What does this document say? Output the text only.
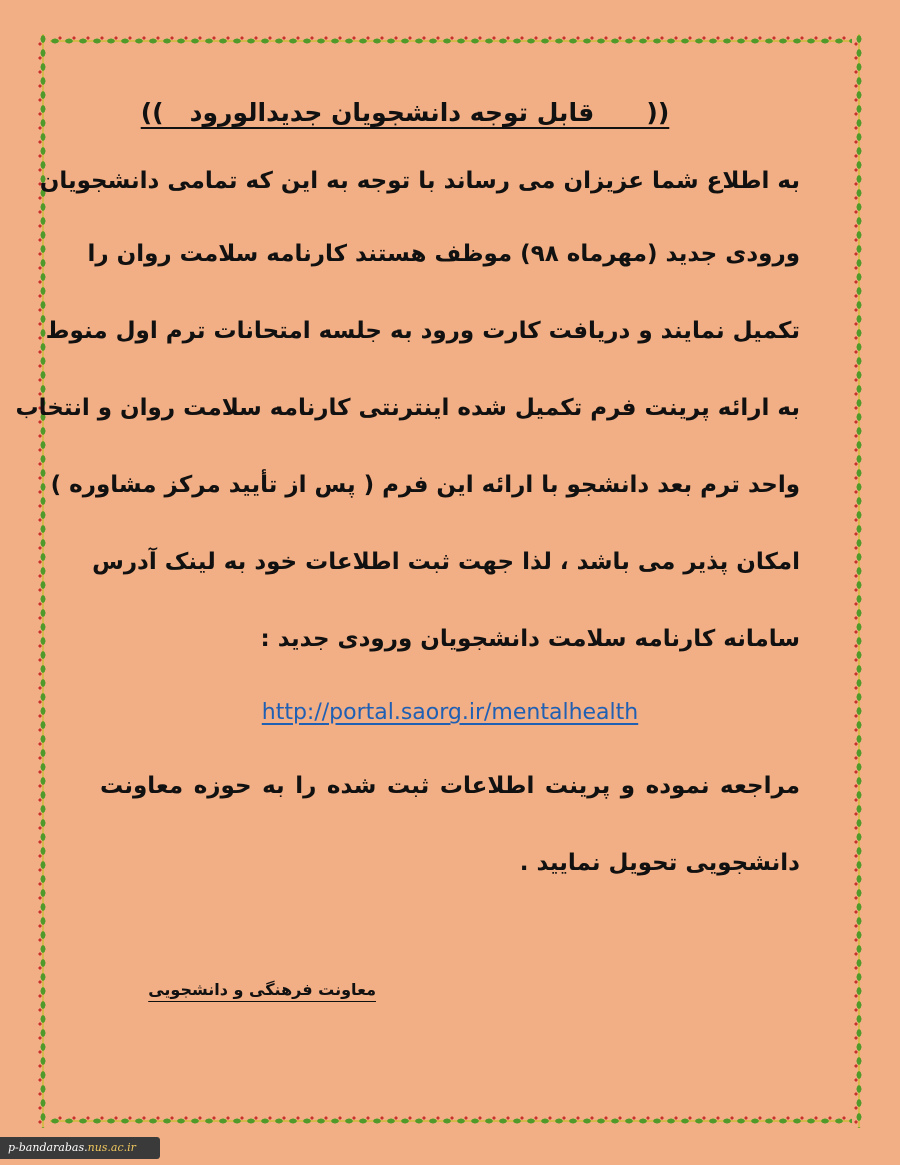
((      قابل توجه دانشجویان جدیدالورود   ))
به اطلاع شما عزیزان می رساند با توجه به این که تمامی دانشجویان
ورودی جدید (مهرماه ۹۸) موظف هستند کارنامه سلامت روان را
تکمیل نمایند و دریافت کارت ورود به جلسه امتحانات ترم اول منوط
به ارائه پرینت فرم تکمیل شده اینترنتی کارنامه سلامت روان و انتخاب
واحد ترم بعد دانشجو با ارائه این فرم ( پس از تأیید مرکز مشاوره )
امکان پذیر می باشد ، لذا جهت ثبت اطلاعات خود به لینک آدرس
سامانه کارنامه سلامت دانشجویان ورودی جدید :
http://portal.saorg.ir/mentalhealth
مراجعه نموده و پرینت اطلاعات ثبت شده را به حوزه معاونت
دانشجویی تحویل نمایید .
معاونت فرهنگی و دانشجویی
p-bandarabas.nus.ac.ir
